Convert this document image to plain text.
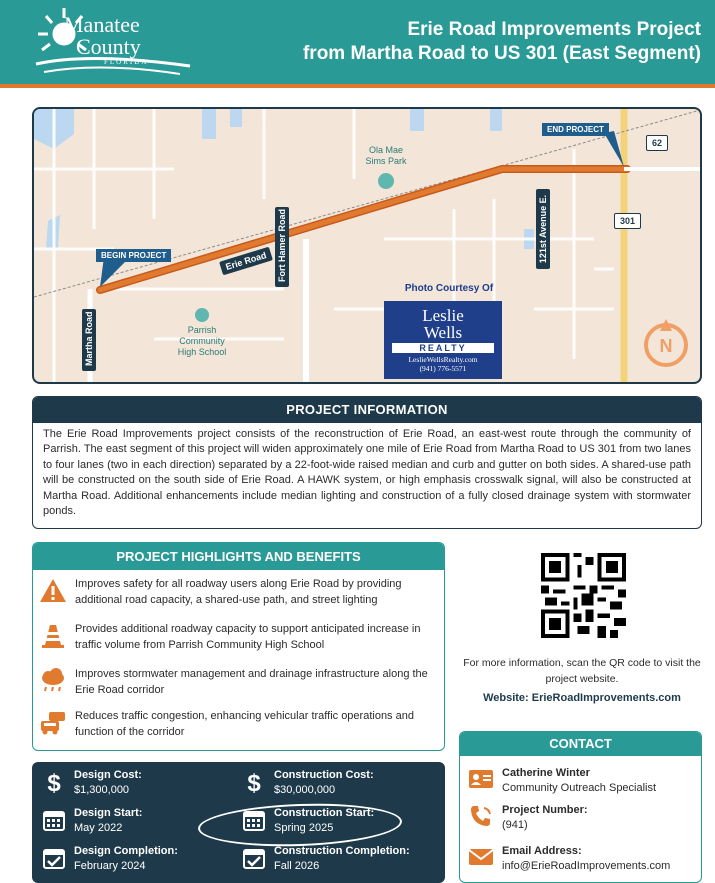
Manatee
County
FLORIDA
Erie Road Improvements Project
from Martha Road to US 301 (East Segment)
BEGIN PROJECT
END PROJECT
Erie Road	Fort Hamer Road
Martha Road
121st Avenue E.
62
301
Ola Mae
Sims Park
Parrish
Community
High School
Photo Courtesy Of
Leslie
Wells
REALTY
LeslieWellsRealty.com
(941) 776-5571
N
PROJECT INFORMATION
The Erie Road Improvements project consists of the reconstruction of Erie Road, an east-west route through the community of Parrish. The east segment of this project will widen approximately one mile of Erie Road from Martha Road to US 301 from two lanes to four lanes (two in each direction) separated by a 22-foot-wide raised median and curb and gutter on both sides. A shared-use path will be constructed on the south side of Erie Road. A HAWK system, or high emphasis crosswalk signal, will also be constructed at Martha Road. Additional enhancements include median lighting and construction of a fully closed drainage system with stormwater ponds.
PROJECT HIGHLIGHTS AND BENEFITS
Improves safety for all roadway users along Erie Road by providing additional road capacity, a shared-use path, and street lighting
Provides additional roadway capacity to support anticipated increase in traffic volume from Parrish Community High School
Improves stormwater management and drainage infrastructure along the Erie Road corridor
Reduces traffic congestion, enhancing vehicular traffic operations and function of the corridor
For more information, scan the QR code to visit the project website.
Website: ErieRoadImprovements.com
CONTACT
Catherine Winter
Community Outreach Specialist
Project Number:
(941)
Email Address:
info@ErieRoadImprovements.com
$ Design Cost:
$1,300,000	$ Construction Cost:
$30,000,000
Design Start:
May 2022
Construction Start:
Spring 2025
Design Completion:
February 2024
Construction Completion:
Fall 2026
